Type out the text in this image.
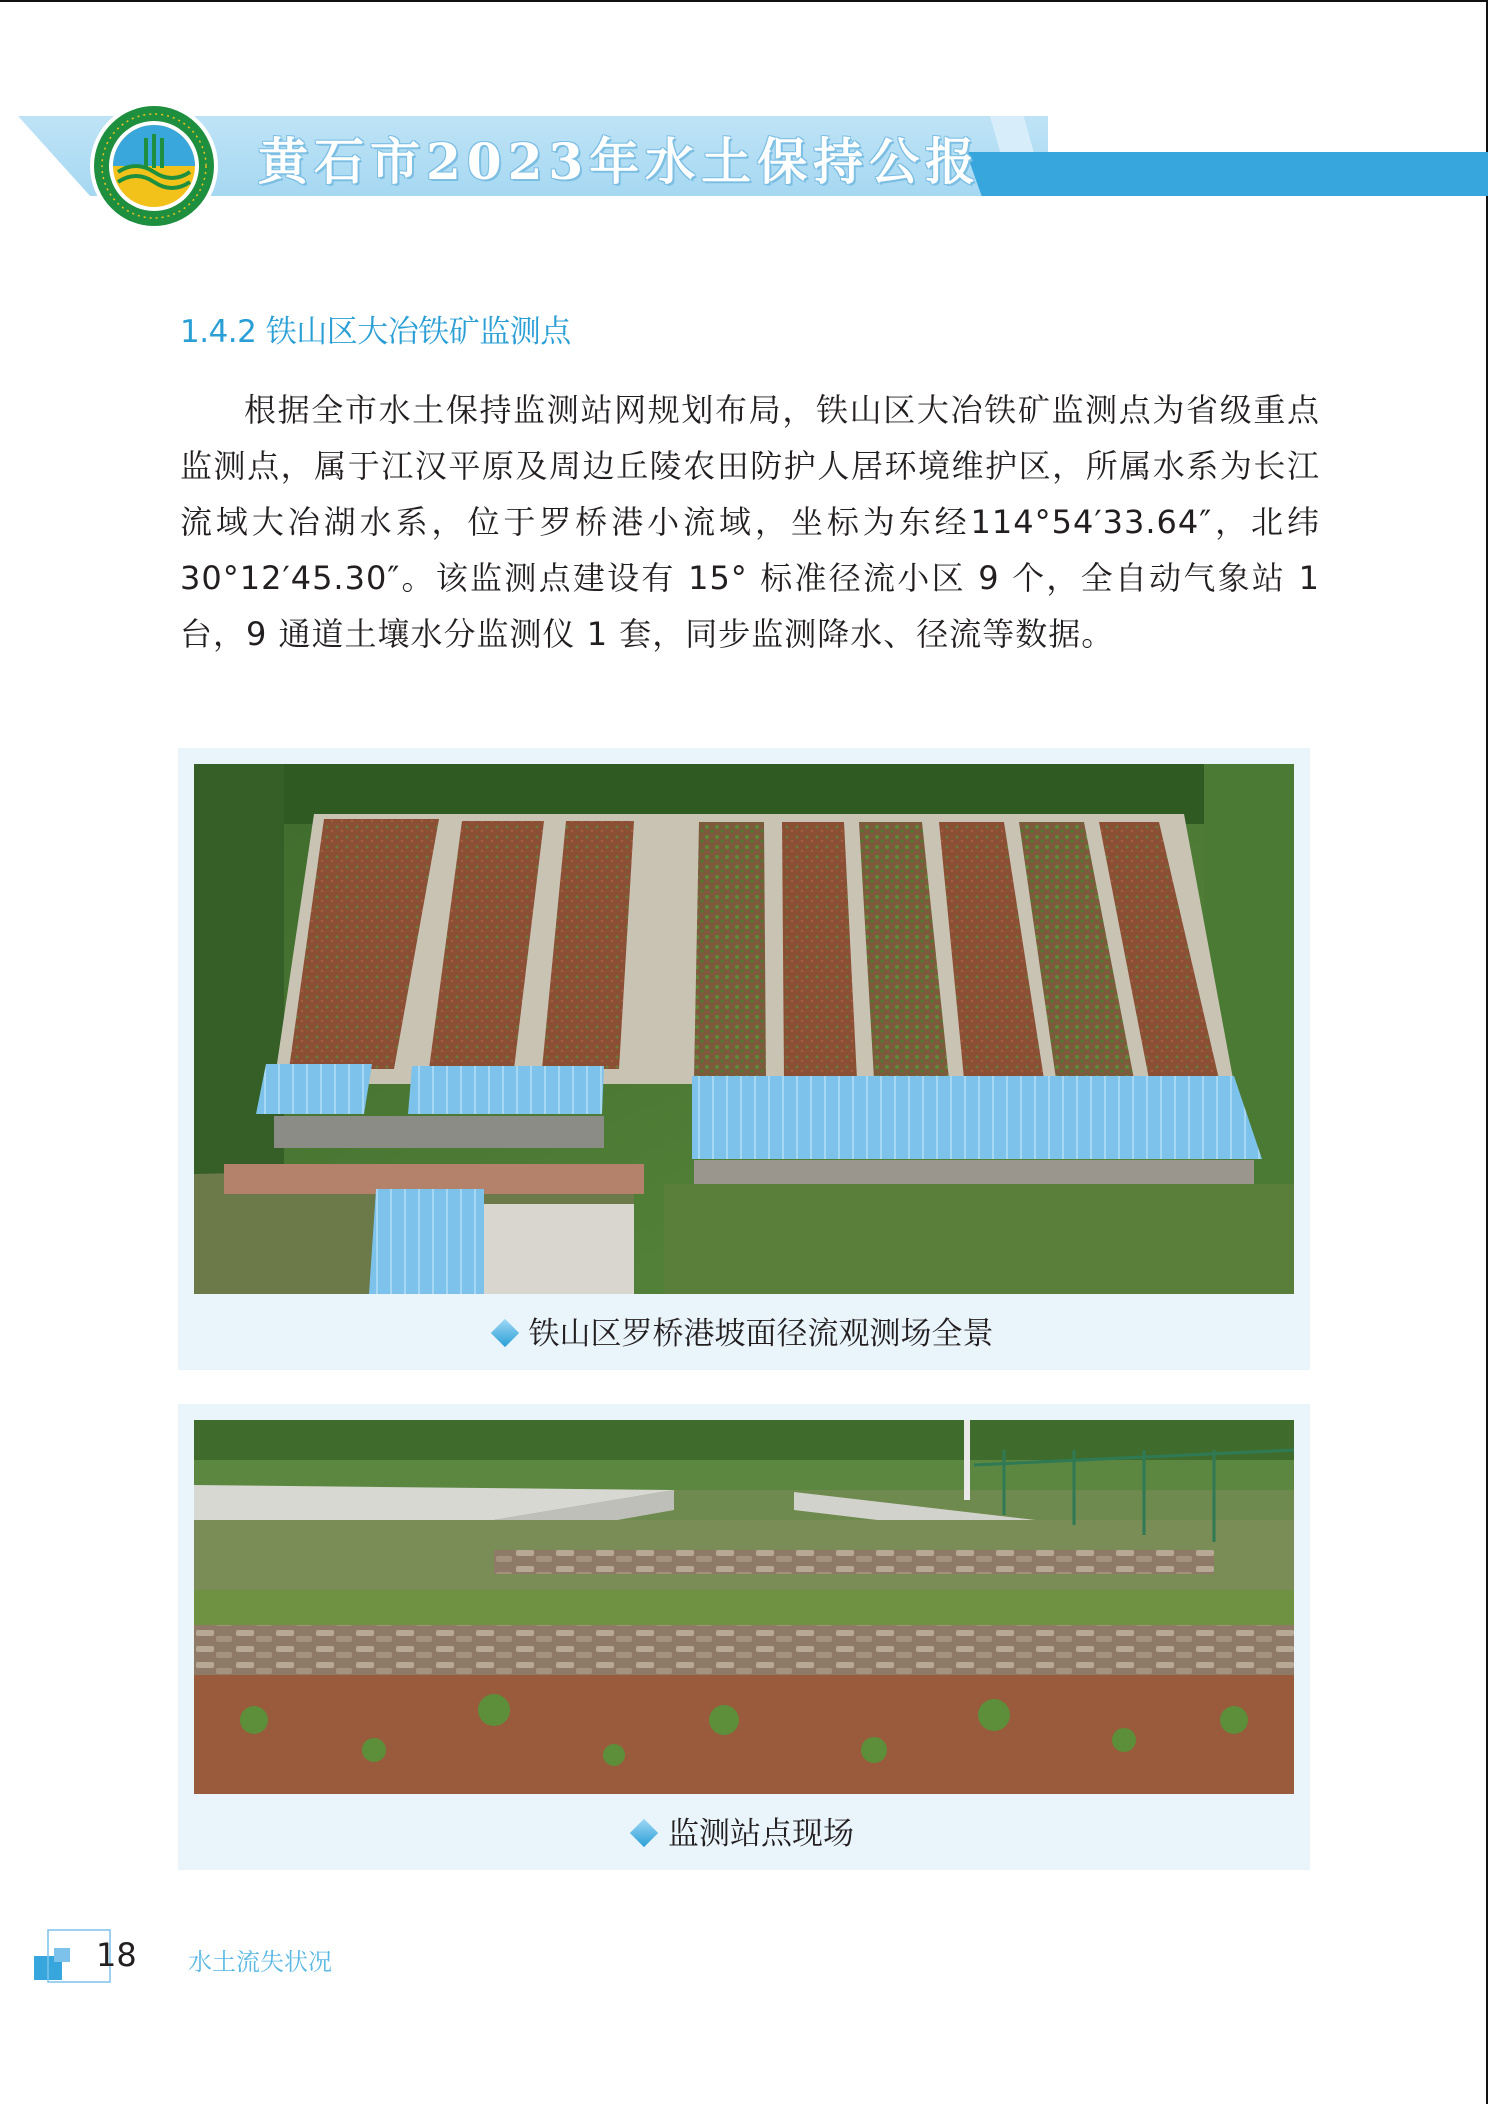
黄石市2023年水土保持公报
1.4.2 铁山区大冶铁矿监测点

根据全市水土保持监测站网规划布局，铁山区大冶铁矿监测点为省级重点监测点，属于江汉平原及周边丘陵农田防护人居环境维护区，所属水系为长江流域大冶湖水系，位于罗桥港小流域，坐标为东经114°54′33.64″，北纬 30°12′45.30″。该监测点建设有 15° 标准径流小区 9 个，全自动气象站 1 台，9 通道土壤水分监测仪 1 套，同步监测降水、径流等数据。

铁山区罗桥港坡面径流观测场全景
监测站点现场
18 水土流失状况
